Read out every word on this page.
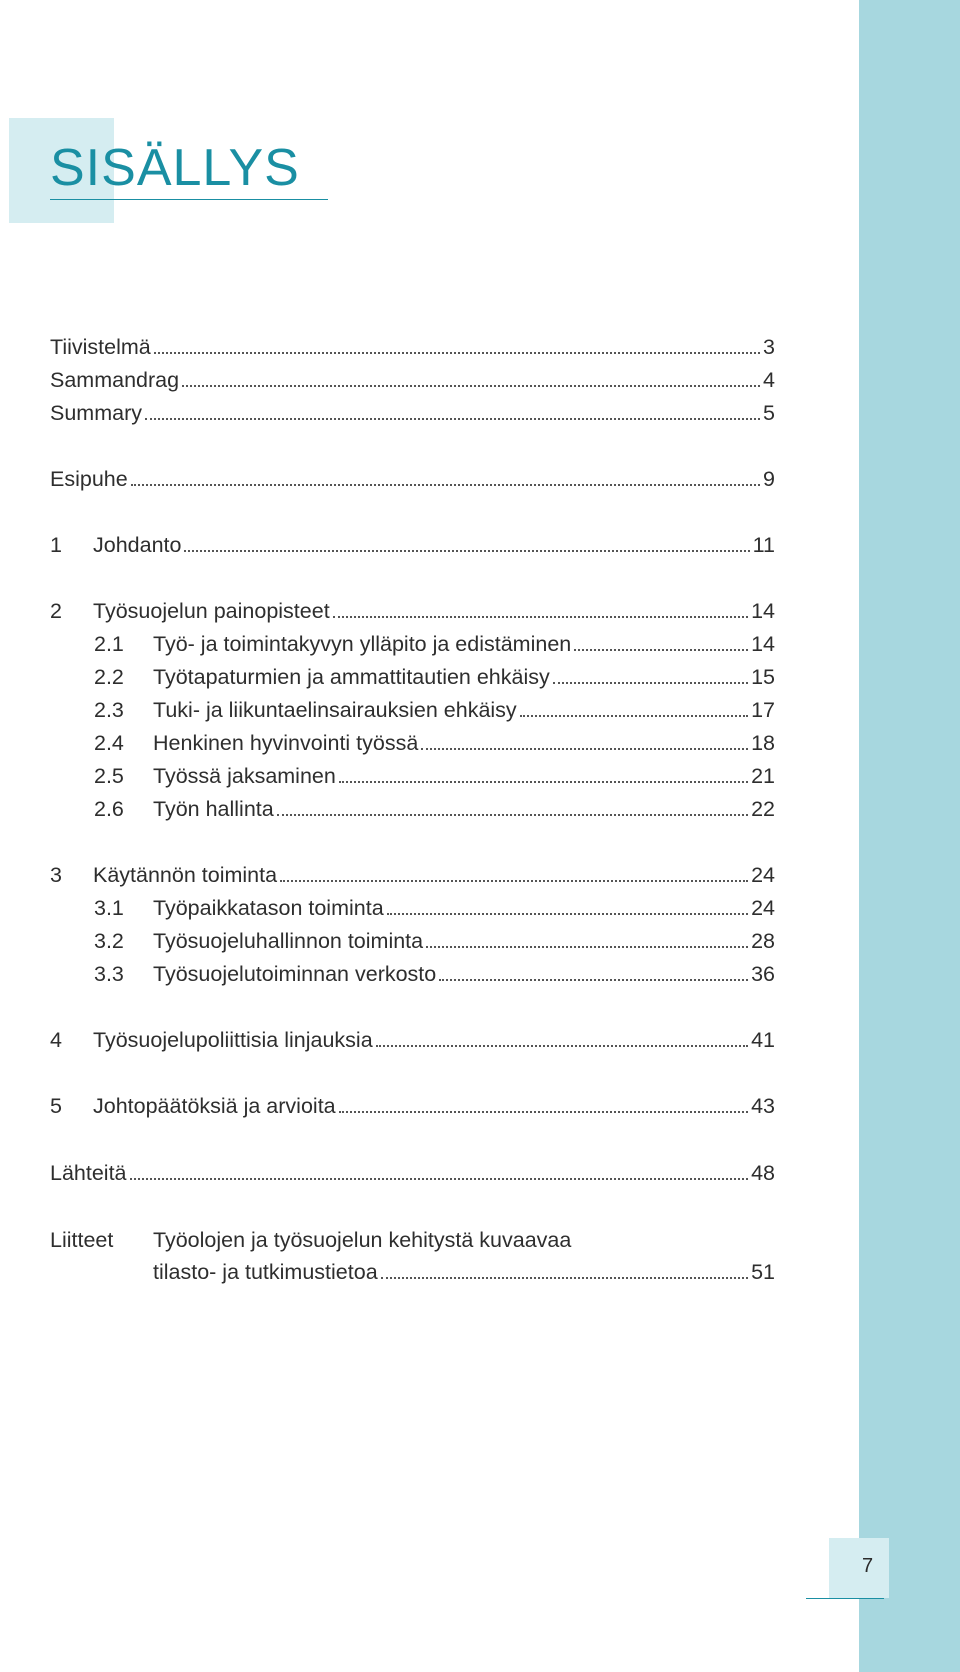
SISÄLLYS
Tiivistelmä	3
Sammandrag	4
Summary	5
Esipuhe	9
1 Johdanto	11
2 Työsuojelun painopisteet	14
2.1 Työ- ja toimintakyvyn ylläpito ja edistäminen	14
2.2 Työtapaturmien ja ammattitautien ehkäisy	15
2.3 Tuki- ja liikuntaelinsairauksien ehkäisy	17
2.4 Henkinen hyvinvointi työssä	18
2.5 Työssä jaksaminen	21
2.6 Työn hallinta	22
3 Käytännön toiminta	24
3.1 Työpaikkatason toiminta	24
3.2 Työsuojeluhallinnon toiminta	28
3.3 Työsuojelutoiminnan verkosto	36
4 Työsuojelupoliittisia linjauksia	41
5 Johtopäätöksiä ja arvioita	43
Lähteitä	48
Liitteet Työolojen ja työsuojelun kehitystä kuvaavaa
tilasto- ja tutkimustietoa	51
7
